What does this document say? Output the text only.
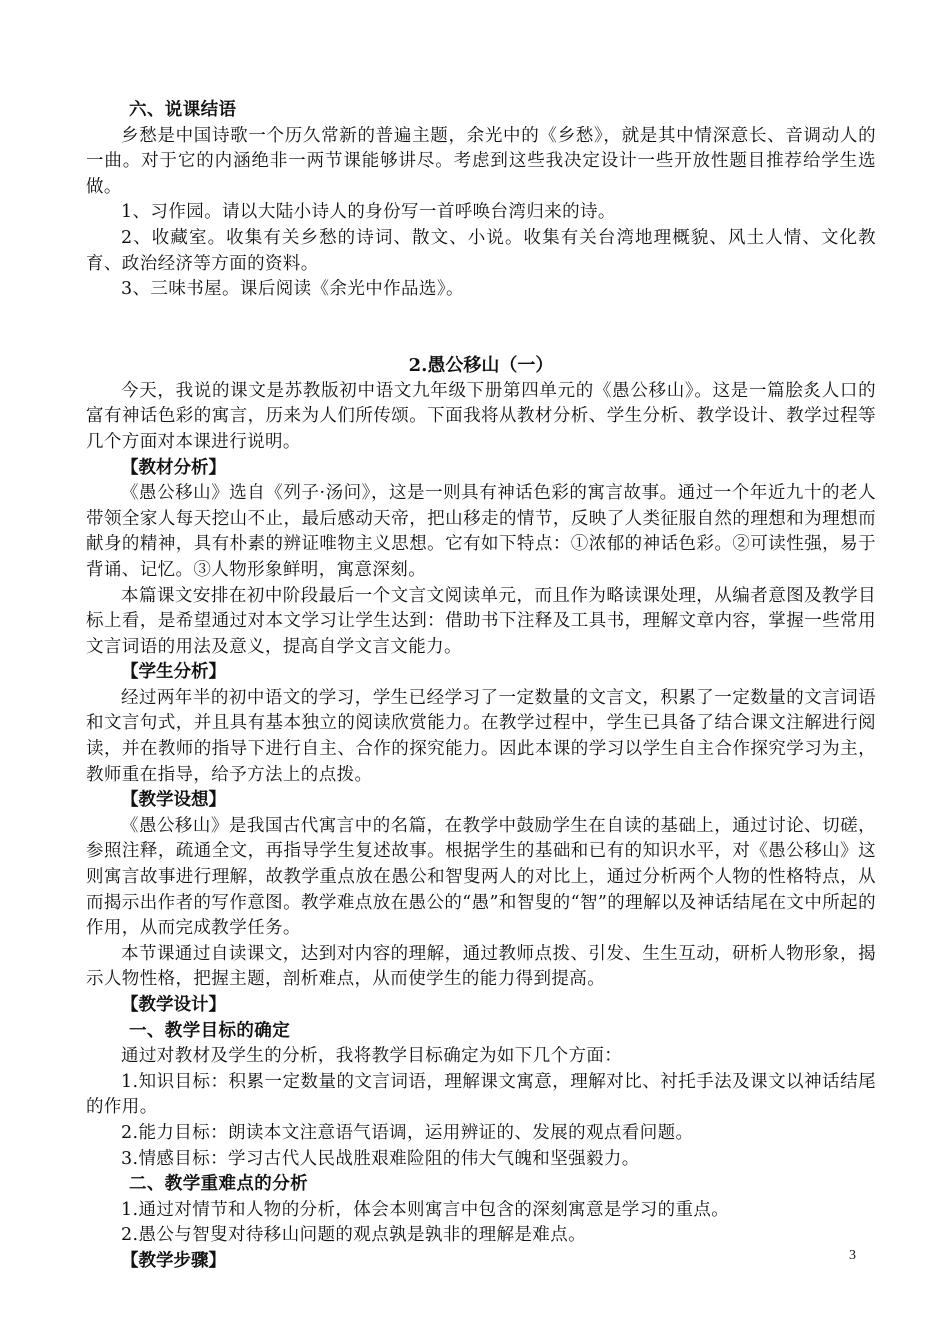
六、说课结语

乡愁是中国诗歌一个历久常新的普遍主题，余光中的《乡愁》，就是其中情深意长、音调动人的一曲。对于它的内涵绝非一两节课能够讲尽。考虑到这些我决定设计一些开放性题目推荐给学生选做。

1、习作园。请以大陆小诗人的身份写一首呼唤台湾归来的诗。

2、收藏室。收集有关乡愁的诗词、散文、小说。收集有关台湾地理概貌、风土人情、文化教育、政治经济等方面的资料。

3、三味书屋。课后阅读《余光中作品选》。

2.愚公移山（一）

今天，我说的课文是苏教版初中语文九年级下册第四单元的《愚公移山》。这是一篇脍炙人口的富有神话色彩的寓言，历来为人们所传颂。下面我将从教材分析、学生分析、教学设计、教学过程等几个方面对本课进行说明。

【教材分析】

《愚公移山》选自《列子·汤问》，这是一则具有神话色彩的寓言故事。通过一个年近九十的老人带领全家人每天挖山不止，最后感动天帝，把山移走的情节，反映了人类征服自然的理想和为理想而献身的精神，具有朴素的辨证唯物主义思想。它有如下特点：①浓郁的神话色彩。②可读性强，易于背诵、记忆。③人物形象鲜明，寓意深刻。

本篇课文安排在初中阶段最后一个文言文阅读单元，而且作为略读课处理，从编者意图及教学目标上看，是希望通过对本文学习让学生达到：借助书下注释及工具书，理解文章内容，掌握一些常用文言词语的用法及意义，提高自学文言文能力。

【学生分析】

经过两年半的初中语文的学习，学生已经学习了一定数量的文言文，积累了一定数量的文言词语和文言句式，并且具有基本独立的阅读欣赏能力。在教学过程中，学生已具备了结合课文注解进行阅读，并在教师的指导下进行自主、合作的探究能力。因此本课的学习以学生自主合作探究学习为主，教师重在指导，给予方法上的点拨。

【教学设想】

《愚公移山》是我国古代寓言中的名篇，在教学中鼓励学生在自读的基础上，通过讨论、切磋，参照注释，疏通全文，再指导学生复述故事。根据学生的基础和已有的知识水平，对《愚公移山》这则寓言故事进行理解，故教学重点放在愚公和智叟两人的对比上，通过分析两个人物的性格特点，从而揭示出作者的写作意图。教学难点放在愚公的“愚”和智叟的“智”的理解以及神话结尾在文中所起的作用，从而完成教学任务。

本节课通过自读课文，达到对内容的理解，通过教师点拨、引发、生生互动，研析人物形象，揭示人物性格，把握主题，剖析难点，从而使学生的能力得到提高。

【教学设计】

一、教学目标的确定

通过对教材及学生的分析，我将教学目标确定为如下几个方面：

1.知识目标：积累一定数量的文言词语，理解课文寓意，理解对比、衬托手法及课文以神话结尾的作用。

2.能力目标：朗读本文注意语气语调，运用辨证的、发展的观点看问题。

3.情感目标：学习古代人民战胜艰难险阻的伟大气魄和坚强毅力。

二、教学重难点的分析

1.通过对情节和人物的分析，体会本则寓言中包含的深刻寓意是学习的重点。

2.愚公与智叟对待移山问题的观点孰是孰非的理解是难点。

【教学步骤】	3
